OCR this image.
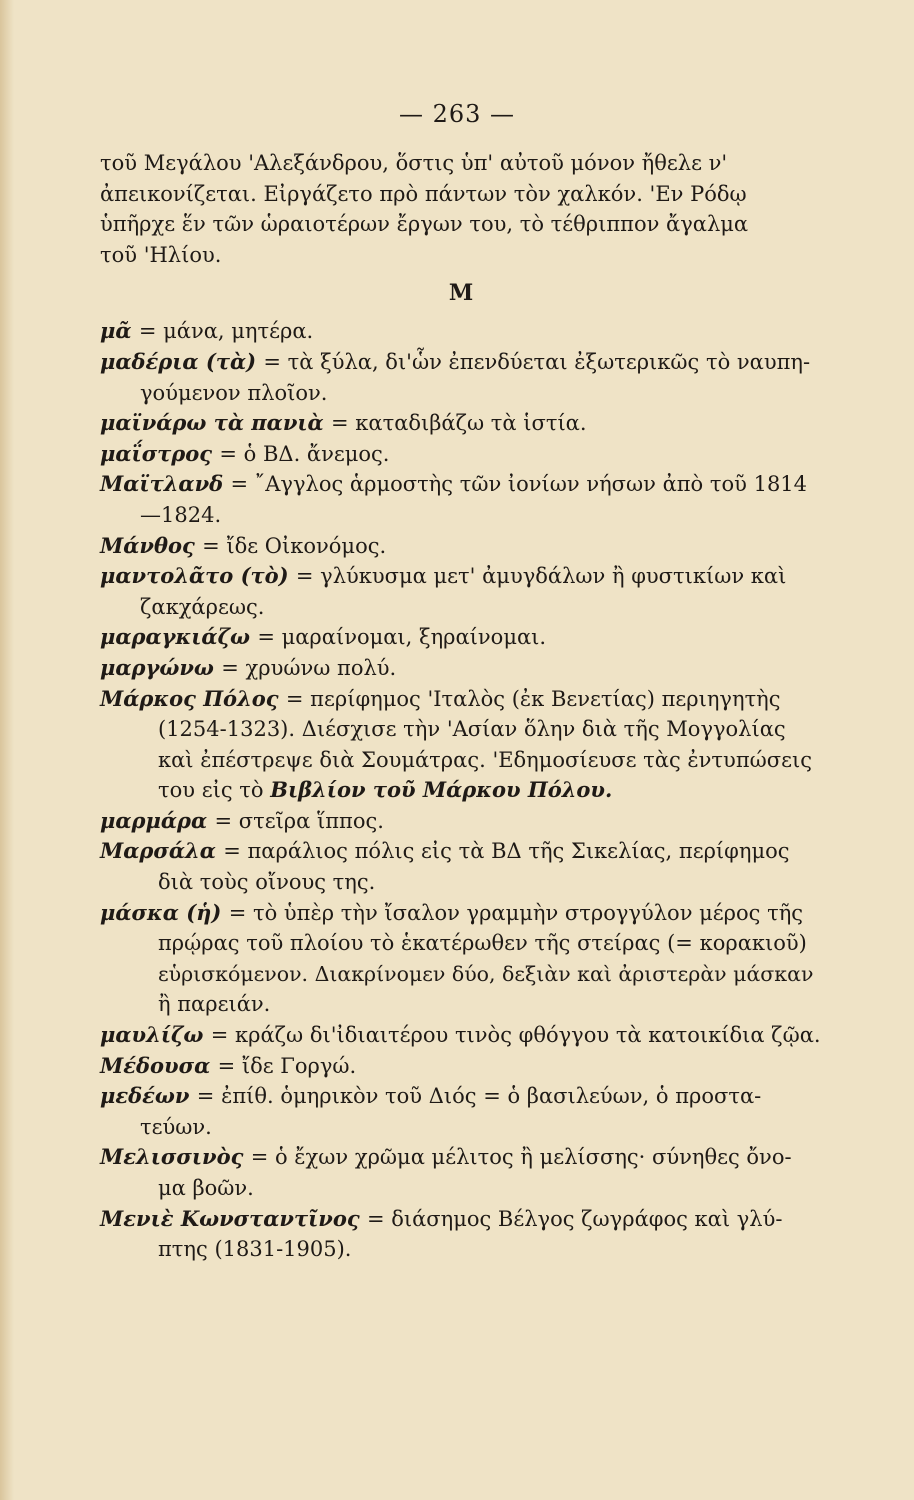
— 263 —
τοῦ Μεγάλου 'Αλεξάνδρου, ὅστις ὑπ' αὐτοῦ μόνον ἤθελε ν'
ἀπεικονίζεται. Εἰργάζετο πρὸ πάντων τὸν χαλκόν. 'Εν Ρόδῳ
ὑπῆρχε ἕν τῶν ὡραιοτέρων ἔργων του, τὸ τέθριππον ἄγαλμα
τοῦ 'Ηλίου.
Μ
μᾶ = μάνα, μητέρα.
μαδέρια (τὰ) = τὰ ξύλα, δι'ὧν ἐπενδύεται ἐξωτερικῶς τὸ ναυπη-
γούμενον πλοῖον.
μαϊνάρω τὰ πανιὰ = καταδιβάζω τὰ ἱστία.
μαΐστρος = ὁ ΒΔ. ἄνεμος.
Μαϊτλανδ = ῎Αγγλος ἁρμοστὴς τῶν ἰονίων νήσων ἀπὸ τοῦ 1814
—1824.
Μάνθος = ἴδε Οἰκονόμος.
μαντολᾶτο (τὸ) = γλύκυσμα μετ' ἀμυγδάλων ἢ φυστικίων καὶ
ζακχάρεως.
μαραγκιάζω = μαραίνομαι, ξηραίνομαι.
μαργώνω = χρυώνω πολύ.
Μάρκος Πόλος = περίφημος 'Ιταλὸς (ἐκ Βενετίας) περιηγητὴς
(1254-1323). Διέσχισε τὴν 'Ασίαν ὅλην διὰ τῆς Μογγολίας
καὶ ἐπέστρεψε διὰ Σουμάτρας. 'Εδημοσίευσε τὰς ἐντυπώσεις
του εἰς τὸ Βιβλίον τοῦ Μάρκου Πόλου.
μαρμάρα = στεῖρα ἵππος.
Μαρσάλα = παράλιος πόλις εἰς τὰ ΒΔ τῆς Σικελίας, περίφημος
διὰ τοὺς οἴνους της.
μάσκα (ἡ) = τὸ ὑπὲρ τὴν ἴσαλον γραμμὴν στρογγύλον μέρος τῆς
πρῴρας τοῦ πλοίου τὸ ἑκατέρωθεν τῆς στείρας (= κορακιοῦ)
εὑρισκόμενον. Διακρίνομεν δύο, δεξιὰν καὶ ἀριστερὰν μάσκαν
ἢ παρειάν.
μαυλίζω = κράζω δι'ἰδιαιτέρου τινὸς φθόγγου τὰ κατοικίδια ζῷα.
Μέδουσα = ἴδε Γοργώ.
μεδέων = ἐπίθ. ὁμηρικὸν τοῦ Διός = ὁ βασιλεύων, ὁ προστα-
τεύων.
Μελισσινὸς = ὁ ἔχων χρῶμα μέλιτος ἢ μελίσσης· σύνηθες ὄνο-
μα βοῶν.
Μενιὲ Κωνσταντῖνος = διάσημος Βέλγος ζωγράφος καὶ γλύ-
πτης (1831-1905).
